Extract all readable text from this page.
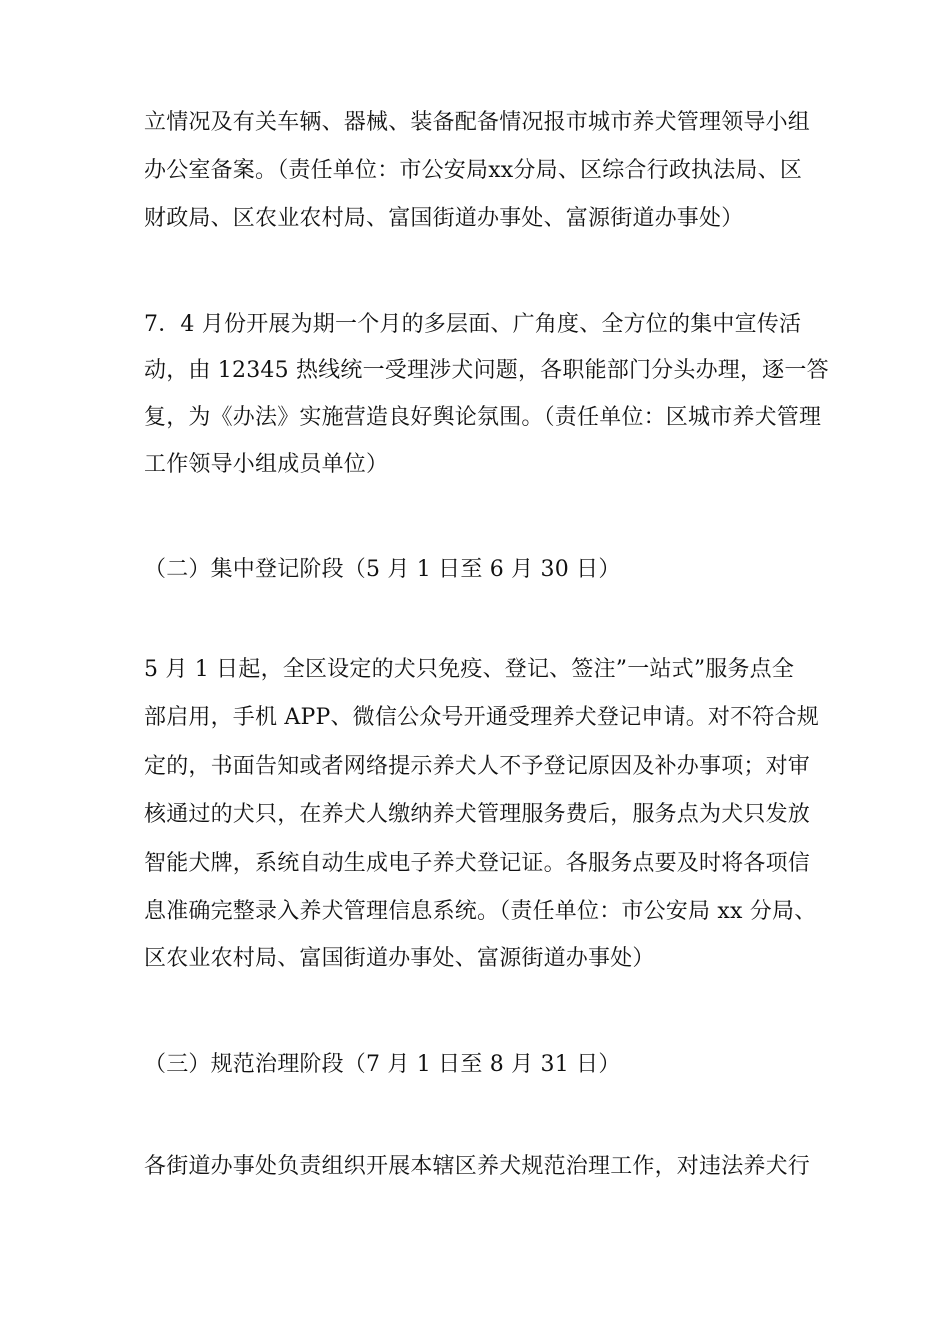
立情况及有关车辆、器械、装备配备情况报市城市养犬管理领导小组
办公室备案。（责任单位：市公安局xx分局、区综合行政执法局、区
财政局、区农业农村局、富国街道办事处、富源街道办事处）
7．4 月份开展为期一个月的多层面、广角度、全方位的集中宣传活
动，由 12345 热线统一受理涉犬问题，各职能部门分头办理，逐一答
复，为《办法》实施营造良好舆论氛围。（责任单位：区城市养犬管理
工作领导小组成员单位）
（二）集中登记阶段（5 月 1 日至 6 月 30 日）
5 月 1 日起，全区设定的犬只免疫、登记、签注”一站式”服务点全
部启用，手机 APP、微信公众号开通受理养犬登记申请。对不符合规
定的，书面告知或者网络提示养犬人不予登记原因及补办事项；对审
核通过的犬只，在养犬人缴纳养犬管理服务费后，服务点为犬只发放
智能犬牌，系统自动生成电子养犬登记证。各服务点要及时将各项信
息准确完整录入养犬管理信息系统。（责任单位：市公安局 xx 分局、
区农业农村局、富国街道办事处、富源街道办事处）
（三）规范治理阶段（7 月 1 日至 8 月 31 日）
各街道办事处负责组织开展本辖区养犬规范治理工作，对违法养犬行
